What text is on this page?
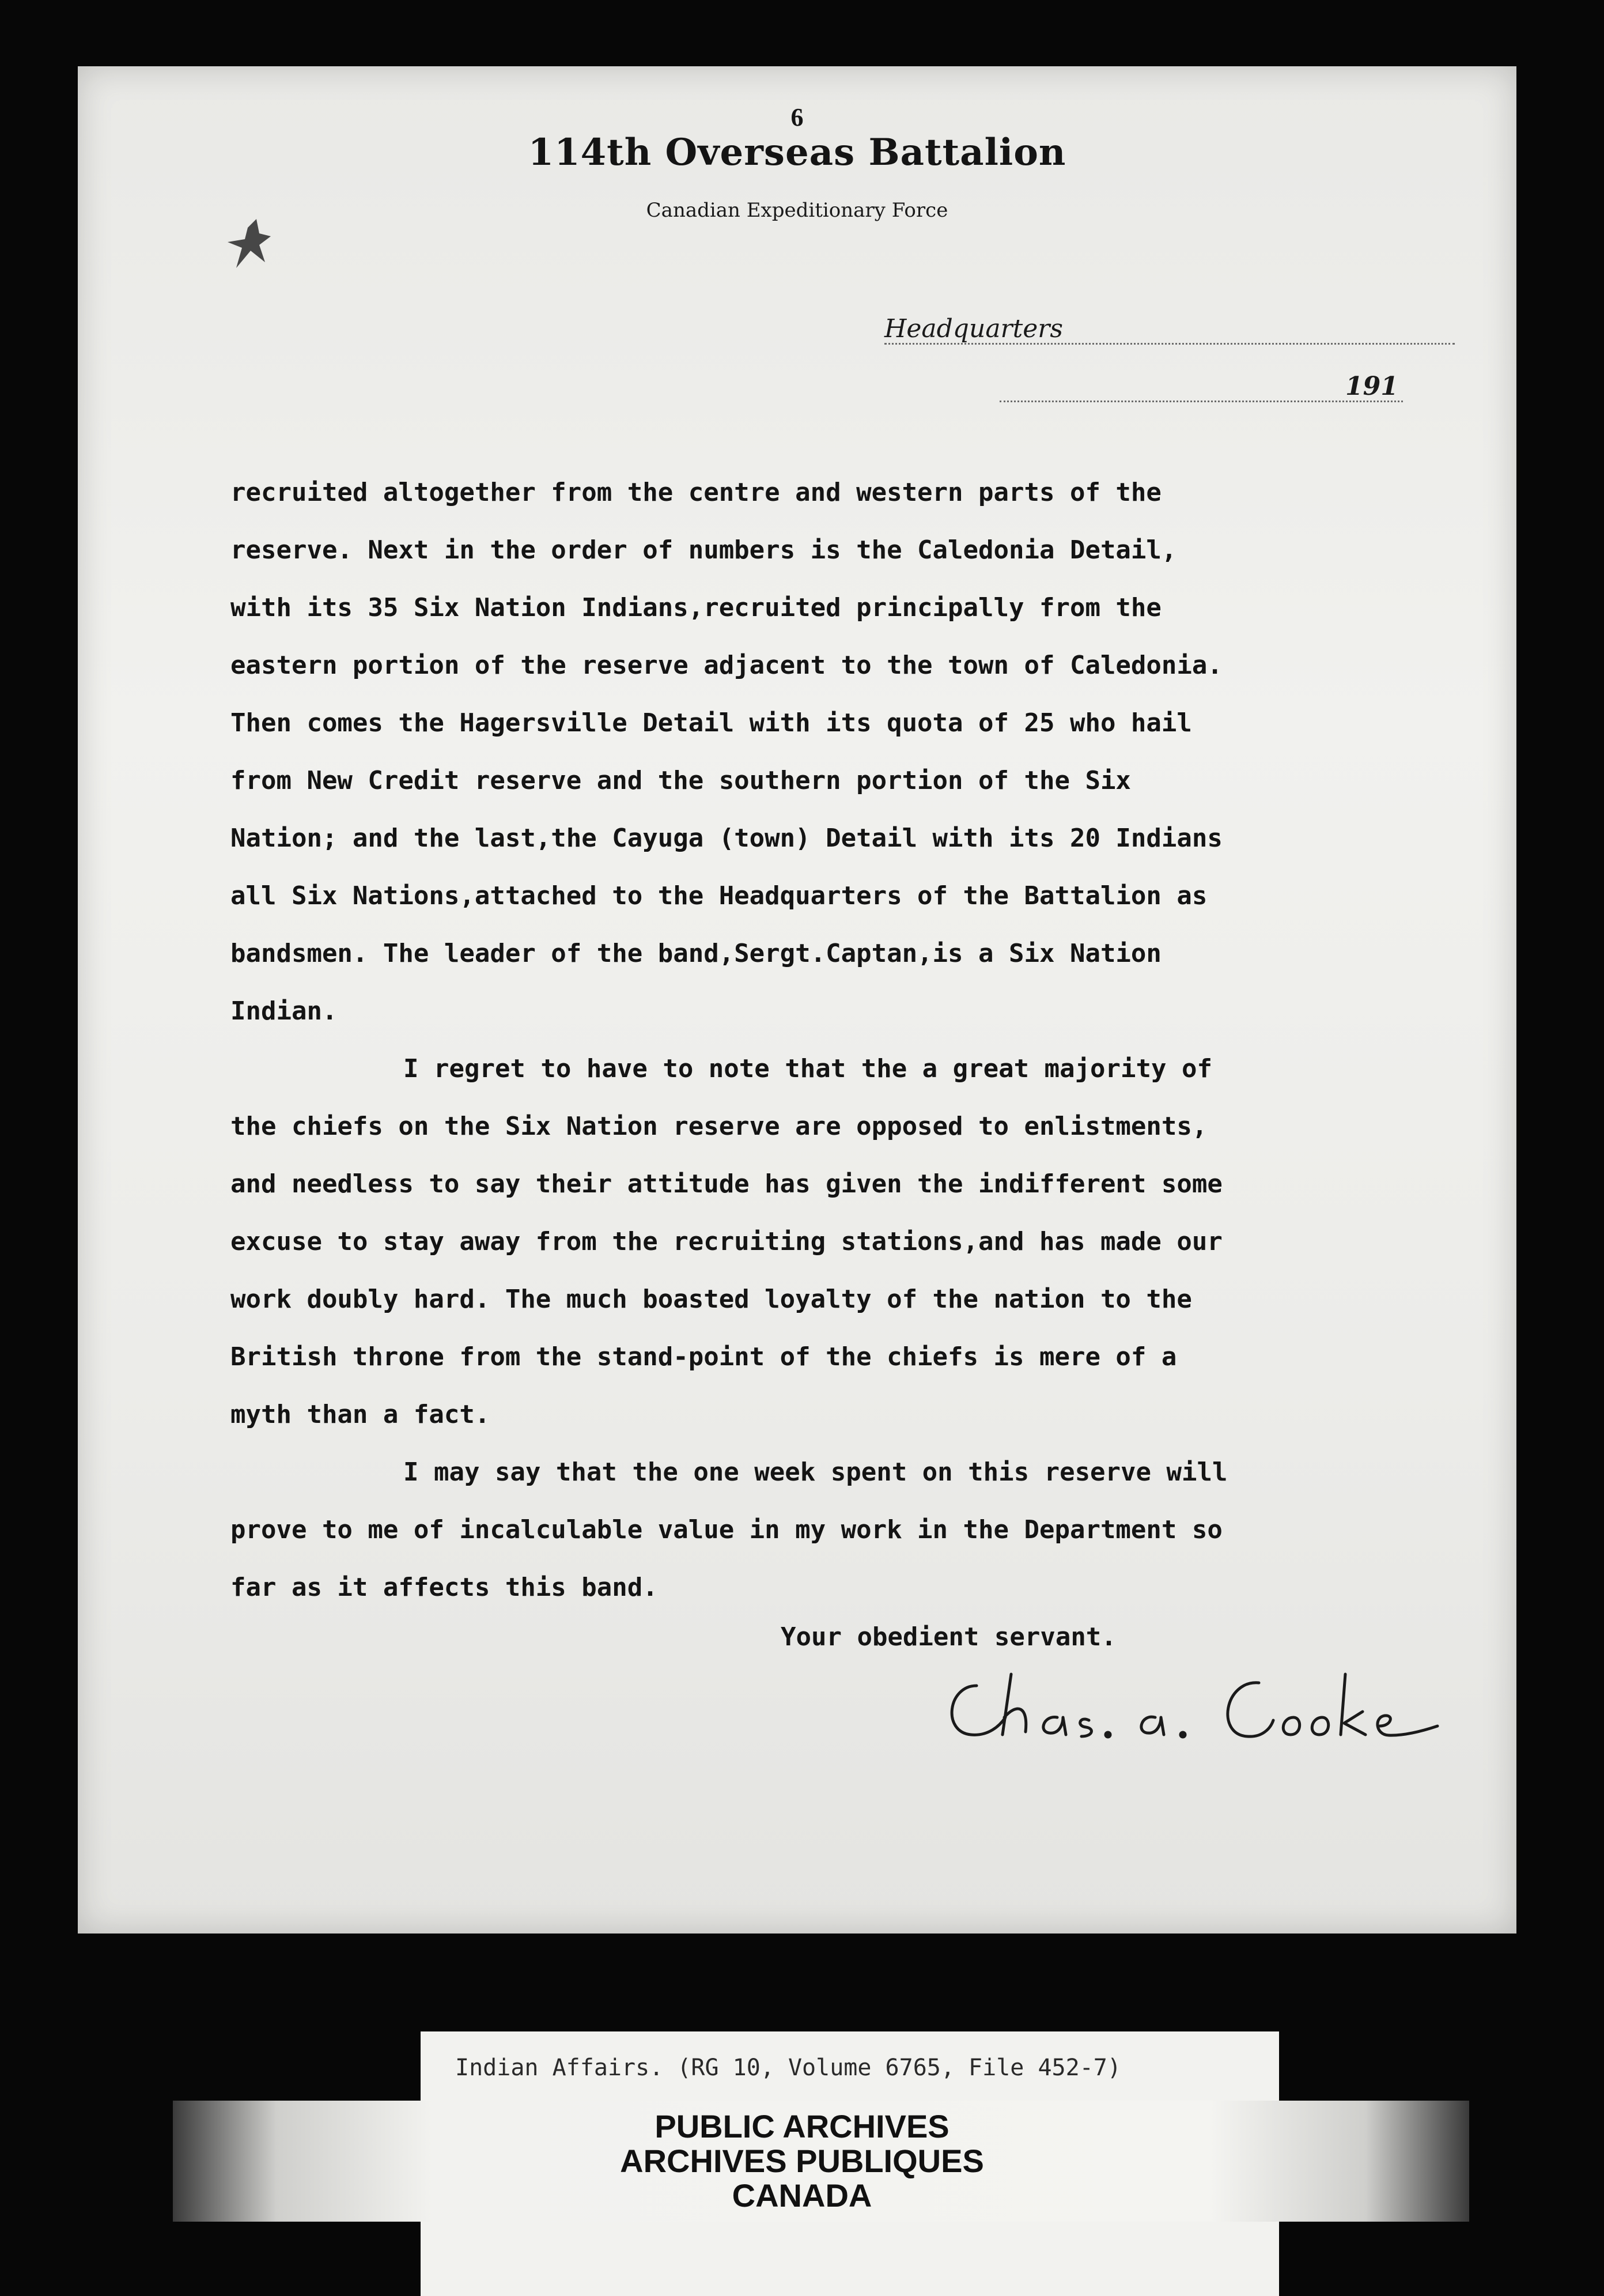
6
114th Overseas Battalion
Canadian Expeditionary Force
Headquarters
191

recruited altogether from the centre and western parts of the

reserve. Next in the order of numbers is the Caledonia Detail,

with its 35 Six Nation Indians,recruited principally from the

eastern portion of the reserve adjacent to the town of Caledonia.

Then comes the Hagersville Detail with its quota of 25 who hail

from New Credit reserve and the southern portion of the Six

Nation; and the last,the Cayuga (town) Detail with its 20 Indians

all Six Nations,attached to the Headquarters of the Battalion as

bandsmen. The leader of the band,Sergt.Captan,is a Six Nation

Indian.

I regret to have to note that the a great majority of

the chiefs on the Six Nation reserve are opposed to enlistments,

and needless to say their attitude has given the indifferent some

excuse to stay away from the recruiting stations,and has made our

work doubly hard. The much boasted loyalty of the nation to the

British throne from the stand-point of the chiefs is mere of a

myth than a fact.

I may say that the one week spent on this reserve will

prove to me of incalculable value in my work in the Department so

far as it affects this band.

Your obedient servant.
Indian Affairs. (RG 10, Volume 6765, File 452-7)
PUBLIC ARCHIVES
ARCHIVES PUBLIQUES
CANADA
